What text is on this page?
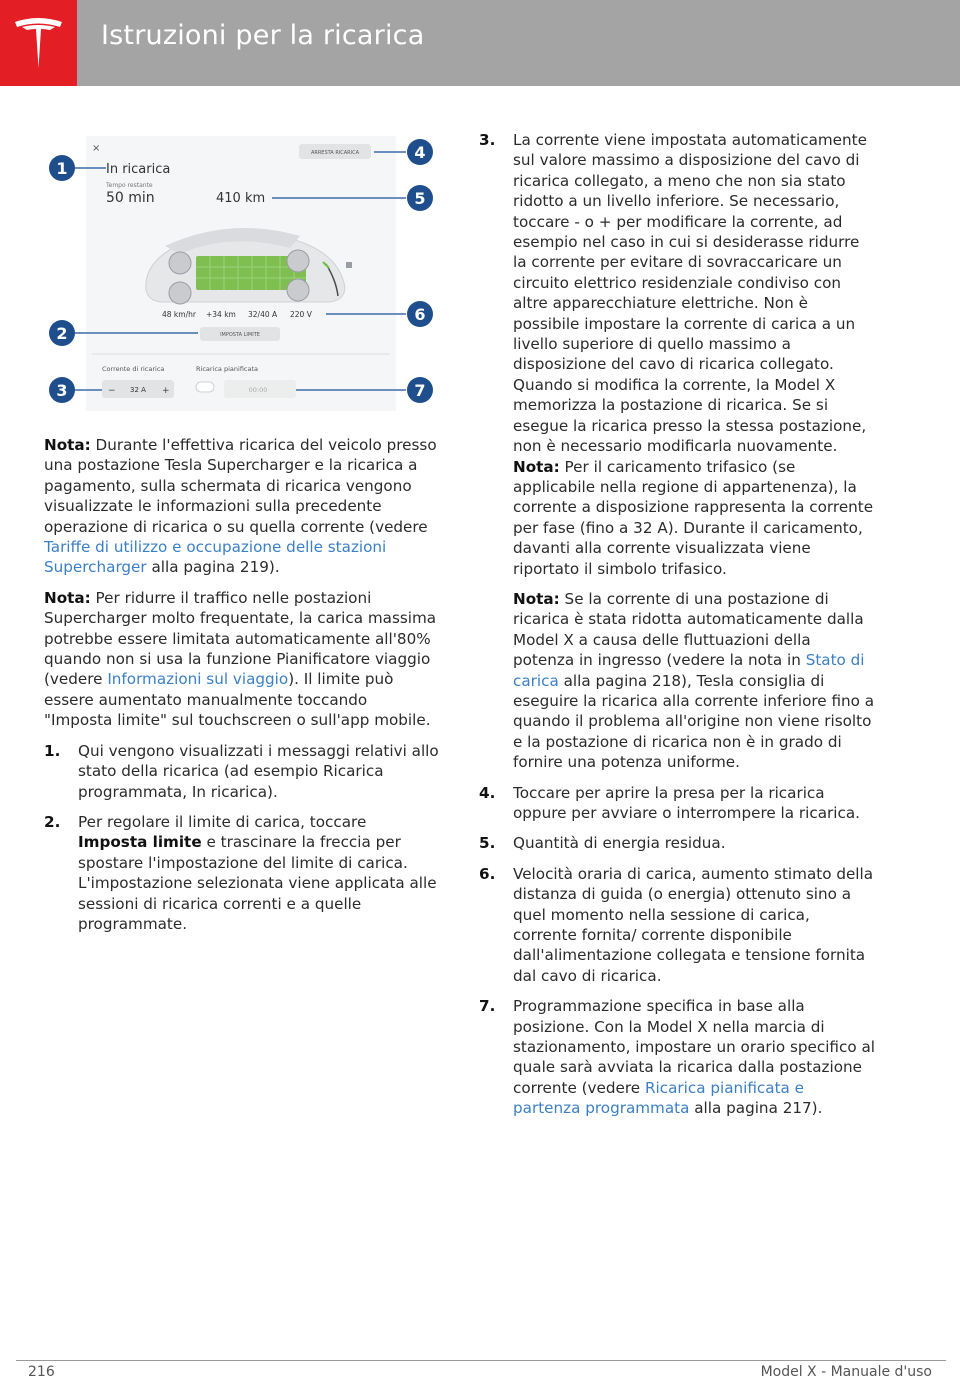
Istruzioni per la ricarica
×
In ricarica
Tempo restante
50 min
ARRESTA RICARICA
410 km
48 km/hr +34 km 32/40 A 220 V
IMPOSTA LIMITE
Corrente di ricarica	Ricarica pianificata
− 32 A +	00:00
1
2
3
4
5
6
7

Nota: Durante l'effettiva ricarica del veicolo presso una postazione Tesla Supercharger e la ricarica a pagamento, sulla schermata di ricarica vengono visualizzate le informazioni sulla precedente operazione di ricarica o su quella corrente (vedere Tariffe di utilizzo e occupazione delle stazioni Supercharger alla pagina 219).

Nota: Per ridurre il traffico nelle postazioni Supercharger molto frequentate, la carica massima potrebbe essere limitata automaticamente all'80% quando non si usa la funzione Pianificatore viaggio (vedere Informazioni sul viaggio). Il limite può essere aumentato manualmente toccando "Imposta limite" sul touchscreen o sull'app mobile.

1. Qui vengono visualizzati i messaggi relativi allo stato della ricarica (ad esempio Ricarica programmata, In ricarica).
2. Per regolare il limite di carica, toccare Imposta limite e trascinare la freccia per spostare l'impostazione del limite di carica. L'impostazione selezionata viene applicata alle sessioni di ricarica correnti e a quelle programmate.
3. La corrente viene impostata automaticamente sul valore massimo a disposizione del cavo di ricarica collegato, a meno che non sia stato ridotto a un livello inferiore. Se necessario, toccare - o + per modificare la corrente, ad esempio nel caso in cui si desiderasse ridurre la corrente per evitare di sovraccaricare un circuito elettrico residenziale condiviso con altre apparecchiature elettriche. Non è possibile impostare la corrente di carica a un livello superiore di quello massimo a disposizione del cavo di ricarica collegato. Quando si modifica la corrente, la Model X memorizza la postazione di ricarica. Se si esegue la ricarica presso la stessa postazione, non è necessario modificarla nuovamente.

Nota: Per il caricamento trifasico (se applicabile nella regione di appartenenza), la corrente a disposizione rappresenta la corrente per fase (fino a 32 A). Durante il caricamento, davanti alla corrente visualizzata viene riportato il simbolo trifasico.

Nota: Se la corrente di una postazione di ricarica è stata ridotta automaticamente dalla Model X a causa delle fluttuazioni della potenza in ingresso (vedere la nota in Stato di carica alla pagina 218), Tesla consiglia di eseguire la ricarica alla corrente inferiore fino a quando il problema all'origine non viene risolto e la postazione di ricarica non è in grado di fornire una potenza uniforme.

4. Toccare per aprire la presa per la ricarica oppure per avviare o interrompere la ricarica.
5. Quantità di energia residua.
6. Velocità oraria di carica, aumento stimato della distanza di guida (o energia) ottenuto sino a quel momento nella sessione di carica, corrente fornita/ corrente disponibile dall'alimentazione collegata e tensione fornita dal cavo di ricarica.
7. Programmazione specifica in base alla posizione. Con la Model X nella marcia di stazionamento, impostare un orario specifico al quale sarà avviata la ricarica dalla postazione corrente (vedere Ricarica pianificata e partenza programmata alla pagina 217).
216	Model X - Manuale d'uso
